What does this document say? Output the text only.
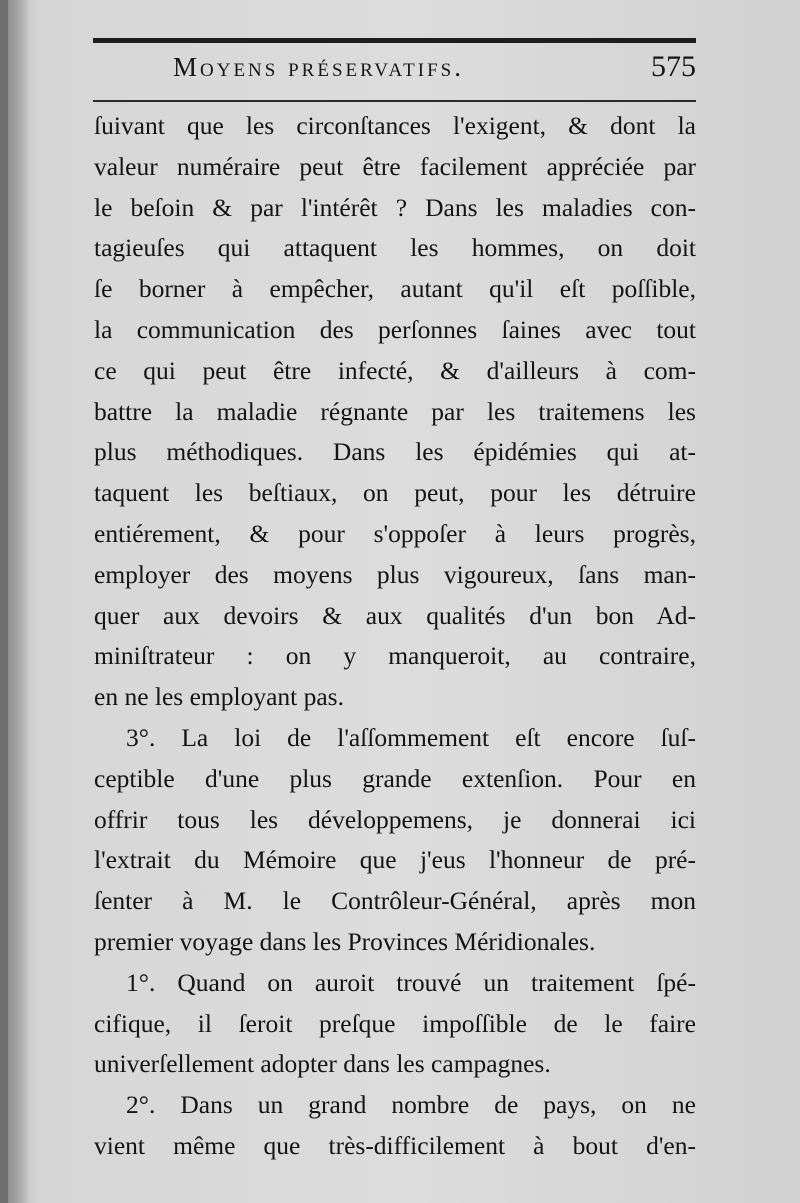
Moyens préservatifs.	575
ſuivant que les circonſtances l'exigent, & dont la
valeur numéraire peut être facilement appréciée par
le beſoin & par l'intérêt ? Dans les maladies con-
tagieuſes qui attaquent les hommes, on doit
ſe borner à empêcher, autant qu'il eſt poſſible,
la communication des perſonnes ſaines avec tout
ce qui peut être infecté, & d'ailleurs à com-
battre la maladie régnante par les traitemens les
plus méthodiques. Dans les épidémies qui at-
taquent les beſtiaux, on peut, pour les détruire
entiérement, & pour s'oppoſer à leurs progrès,
employer des moyens plus vigoureux, ſans man-
quer aux devoirs & aux qualités d'un bon Ad-
miniſtrateur : on y manqueroit, au contraire,
en ne les employant pas.
3°. La loi de l'aſſommement eſt encore ſuſ-
ceptible d'une plus grande extenſion. Pour en
offrir tous les développemens, je donnerai ici
l'extrait du Mémoire que j'eus l'honneur de pré-
ſenter à M. le Contrôleur-Général, après mon
premier voyage dans les Provinces Méridionales.
1°. Quand on auroit trouvé un traitement ſpé-
cifique, il ſeroit preſque impoſſible de le faire
univerſellement adopter dans les campagnes.
2°. Dans un grand nombre de pays, on ne
vient même que très-difficilement à bout d'en-
